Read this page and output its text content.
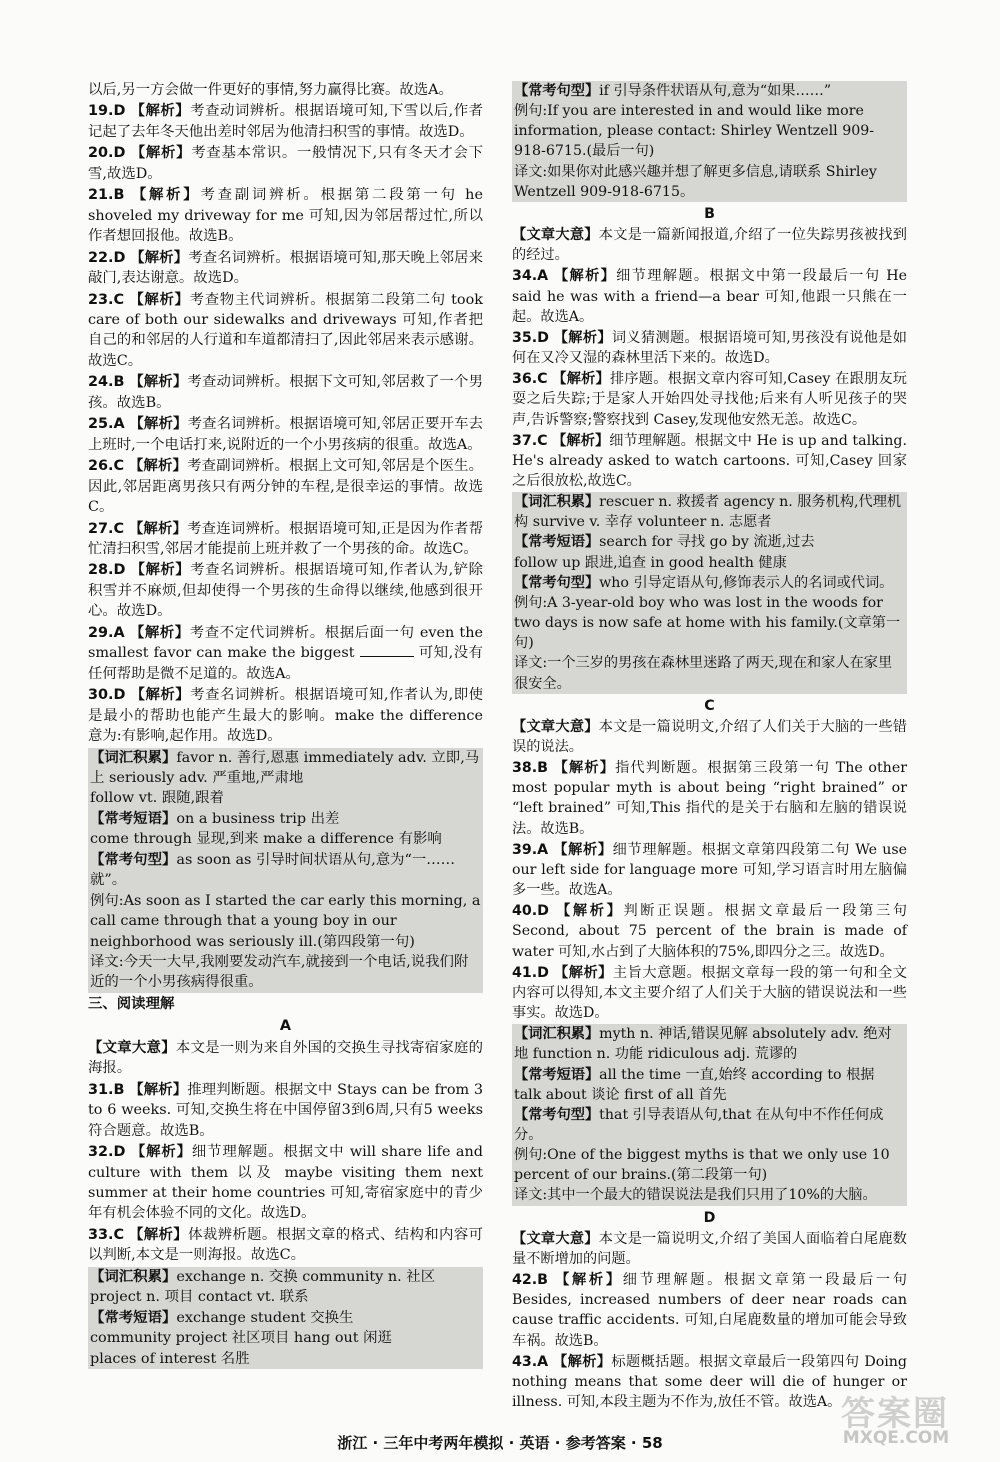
以后,另一方会做一件更好的事情,努力赢得比赛。故选A。
19.D 【解析】考查动词辨析。根据语境可知,下雪以后,作者记起了去年冬天他出差时邻居为他清扫积雪的事情。故选D。
20.D 【解析】考查基本常识。一般情况下,只有冬天才会下雪,故选D。
21.B 【解析】考查副词辨析。根据第二段第一句 he shoveled my driveway for me 可知,因为邻居帮过忙,所以作者想回报他。故选B。
22.D 【解析】考查名词辨析。根据语境可知,那天晚上邻居来敲门,表达谢意。故选D。
23.C 【解析】考查物主代词辨析。根据第二段第二句 took care of both our sidewalks and driveways 可知,作者把自己的和邻居的人行道和车道都清扫了,因此邻居来表示感谢。故选C。
24.B 【解析】考查动词辨析。根据下文可知,邻居救了一个男孩。故选B。
25.A 【解析】考查名词辨析。根据语境可知,邻居正要开车去上班时,一个电话打来,说附近的一个小男孩病的很重。故选A。
26.C 【解析】考查副词辨析。根据上文可知,邻居是个医生。因此,邻居距离男孩只有两分钟的车程,是很幸运的事情。故选C。
27.C 【解析】考查连词辨析。根据语境可知,正是因为作者帮忙清扫积雪,邻居才能提前上班并救了一个男孩的命。故选C。
28.D 【解析】考查名词辨析。根据语境可知,作者认为,铲除积雪并不麻烦,但却使得一个男孩的生命得以继续,他感到很开心。故选D。
29.A 【解析】考查不定代词辨析。根据后面一句 even the smallest favor can make the biggest	可知,没有任何帮助是微不足道的。故选A。
30.D 【解析】考查名词辨析。根据语境可知,作者认为,即使是最小的帮助也能产生最大的影响。make the difference 意为:有影响,起作用。故选D。
【词汇积累】favor n. 善行,恩惠 immediately adv. 立即,马上 seriously adv. 严重地,严肃地
follow vt. 跟随,跟着
【常考短语】on a business trip 出差
come through 显现,到来 make a difference 有影响
【常考句型】as soon as 引导时间状语从句,意为“一……就”。
例句:As soon as I started the car early this morning, a call came through that a young boy in our neighborhood was seriously ill.(第四段第一句)
译文:今天一大早,我刚要发动汽车,就接到一个电话,说我们附近的一个小男孩病得很重。
三、阅读理解
A
【文章大意】本文是一则为来自外国的交换生寻找寄宿家庭的海报。
31.B 【解析】推理判断题。根据文中 Stays can be from 3 to 6 weeks. 可知,交换生将在中国停留3到6周,只有5 weeks 符合题意。故选B。
32.D 【解析】细节理解题。根据文中 will share life and culture with them 以及 maybe visiting them next summer at their home countries 可知,寄宿家庭中的青少年有机会体验不同的文化。故选D。
33.C 【解析】体裁辨析题。根据文章的格式、结构和内容可以判断,本文是一则海报。故选C。
【词汇积累】exchange n. 交换 community n. 社区
project n. 项目 contact vt. 联系
【常考短语】exchange student 交换生
community project 社区项目 hang out 闲逛
places of interest 名胜
【常考句型】if 引导条件状语从句,意为“如果……”
例句:If you are interested in and would like more information, please contact: Shirley Wentzell 909-918-6715.(最后一句)
译文:如果你对此感兴趣并想了解更多信息,请联系 Shirley Wentzell 909-918-6715。
B
【文章大意】本文是一篇新闻报道,介绍了一位失踪男孩被找到的经过。
34.A 【解析】细节理解题。根据文中第一段最后一句 He said he was with a friend—a bear 可知,他跟一只熊在一起。故选A。
35.D 【解析】词义猜测题。根据语境可知,男孩没有说他是如何在又冷又湿的森林里活下来的。故选D。
36.C 【解析】排序题。根据文章内容可知,Casey 在跟朋友玩耍之后失踪;于是家人开始四处寻找他;后来有人听见孩子的哭声,告诉警察;警察找到 Casey,发现他安然无恙。故选C。
37.C 【解析】细节理解题。根据文中 He is up and talking. He's already asked to watch cartoons. 可知,Casey 回家之后很放松,故选C。
【词汇积累】rescuer n. 救援者 agency n. 服务机构,代理机构 survive v. 幸存 volunteer n. 志愿者
【常考短语】search for 寻找 go by 流逝,过去
follow up 跟进,追查 in good health 健康
【常考句型】who 引导定语从句,修饰表示人的名词或代词。
例句:A 3-year-old boy who was lost in the woods for two days is now safe at home with his family.(文章第一句)
译文:一个三岁的男孩在森林里迷路了两天,现在和家人在家里很安全。
C
【文章大意】本文是一篇说明文,介绍了人们关于大脑的一些错误的说法。
38.B 【解析】指代判断题。根据第三段第一句 The other most popular myth is about being “right brained” or “left brained” 可知,This 指代的是关于右脑和左脑的错误说法。故选B。
39.A 【解析】细节理解题。根据文章第四段第二句 We use our left side for language more 可知,学习语言时用左脑偏多一些。故选A。
40.D 【解析】判断正误题。根据文章最后一段第三句 Second, about 75 percent of the brain is made of water 可知,水占到了大脑体积的75%,即四分之三。故选D。
41.D 【解析】主旨大意题。根据文章每一段的第一句和全文内容可以得知,本文主要介绍了人们关于大脑的错误说法和一些事实。故选D。
【词汇积累】myth n. 神话,错误见解 absolutely adv. 绝对地 function n. 功能 ridiculous adj. 荒谬的
【常考短语】all the time 一直,始终 according to 根据
talk about 谈论 first of all 首先
【常考句型】that 引导表语从句,that 在从句中不作任何成分。
例句:One of the biggest myths is that we only use 10 percent of our brains.(第二段第一句)
译文:其中一个最大的错误说法是我们只用了10%的大脑。
D
【文章大意】本文是一篇说明文,介绍了美国人面临着白尾鹿数量不断增加的问题。
42.B 【解析】细节理解题。根据文章第一段最后一句 Besides, increased numbers of deer near roads can cause traffic accidents. 可知,白尾鹿数量的增加可能会导致车祸。故选B。
43.A 【解析】标题概括题。根据文章最后一段第四句 Doing nothing means that some deer will die of hunger or illness. 可知,本段主题为不作为,放任不管。故选A。
浙江 · 三年中考两年模拟 · 英语 · 参考答案 · 58
答案圈
MXQE.COM
